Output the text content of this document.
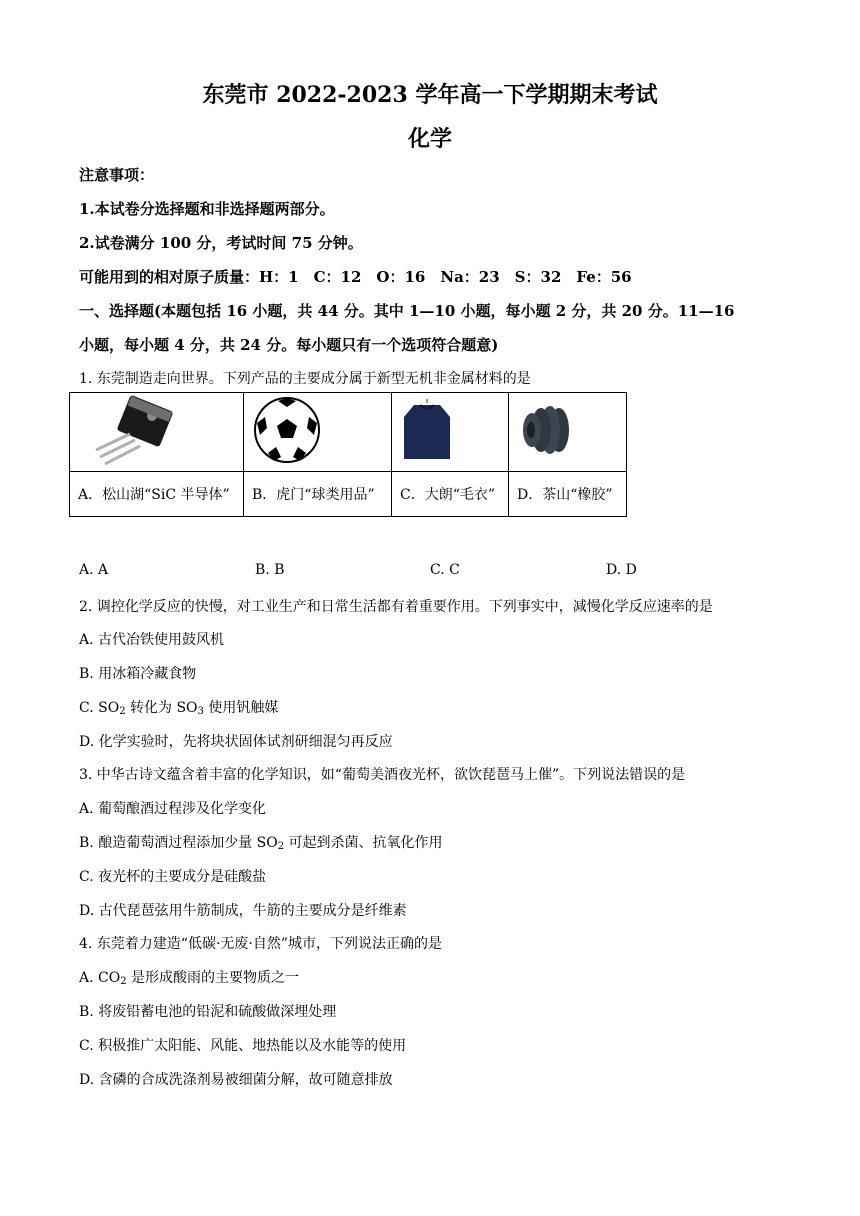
东莞市 2022-2023 学年高一下学期期末考试
化学
注意事项：
1.本试卷分选择题和非选择题两部分。
2.试卷满分 100 分，考试时间 75 分钟。
可能用到的相对原子质量：H：1　C：12　O：16　Na：23　S：32　Fe：56
一、选择题(本题包括 16 小题，共 44 分。其中 1—10 小题，每小题 2 分，共 20 分。11—16
小题，每小题 4 分，共 24 分。每小题只有一个选项符合题意)
1. 东莞制造走向世界。下列产品的主要成分属于新型无机非金属材料的是

A．松山湖“SiC 半导体”	B．虎门“球类用品”	C．大朗“毛衣”	D．茶山“橡胶”
A. A	B. B	C. C	D. D
2. 调控化学反应的快慢，对工业生产和日常生活都有着重要作用。下列事实中，减慢化学反应速率的是
A. 古代冶铁使用鼓风机
B. 用冰箱冷藏食物
C. $SO_2$ 转化为 $SO_3$ 使用钒触媒
D. 化学实验时，先将块状固体试剂研细混匀再反应
3. 中华古诗文蕴含着丰富的化学知识，如“葡萄美酒夜光杯，欲饮琵琶马上催”。下列说法错误的是
A. 葡萄酿酒过程涉及化学变化
B. 酿造葡萄酒过程添加少量 $SO_2$ 可起到杀菌、抗氧化作用
C. 夜光杯的主要成分是硅酸盐
D. 古代琵琶弦用牛筋制成，牛筋的主要成分是纤维素
4. 东莞着力建造“低碳·无废·自然”城市，下列说法正确的是
A. $CO_2$ 是形成酸雨的主要物质之一
B. 将废铅蓄电池的铅泥和硫酸做深埋处理
C. 积极推广太阳能、风能、地热能以及水能等的使用
D. 含磷的合成洗涤剂易被细菌分解，故可随意排放
